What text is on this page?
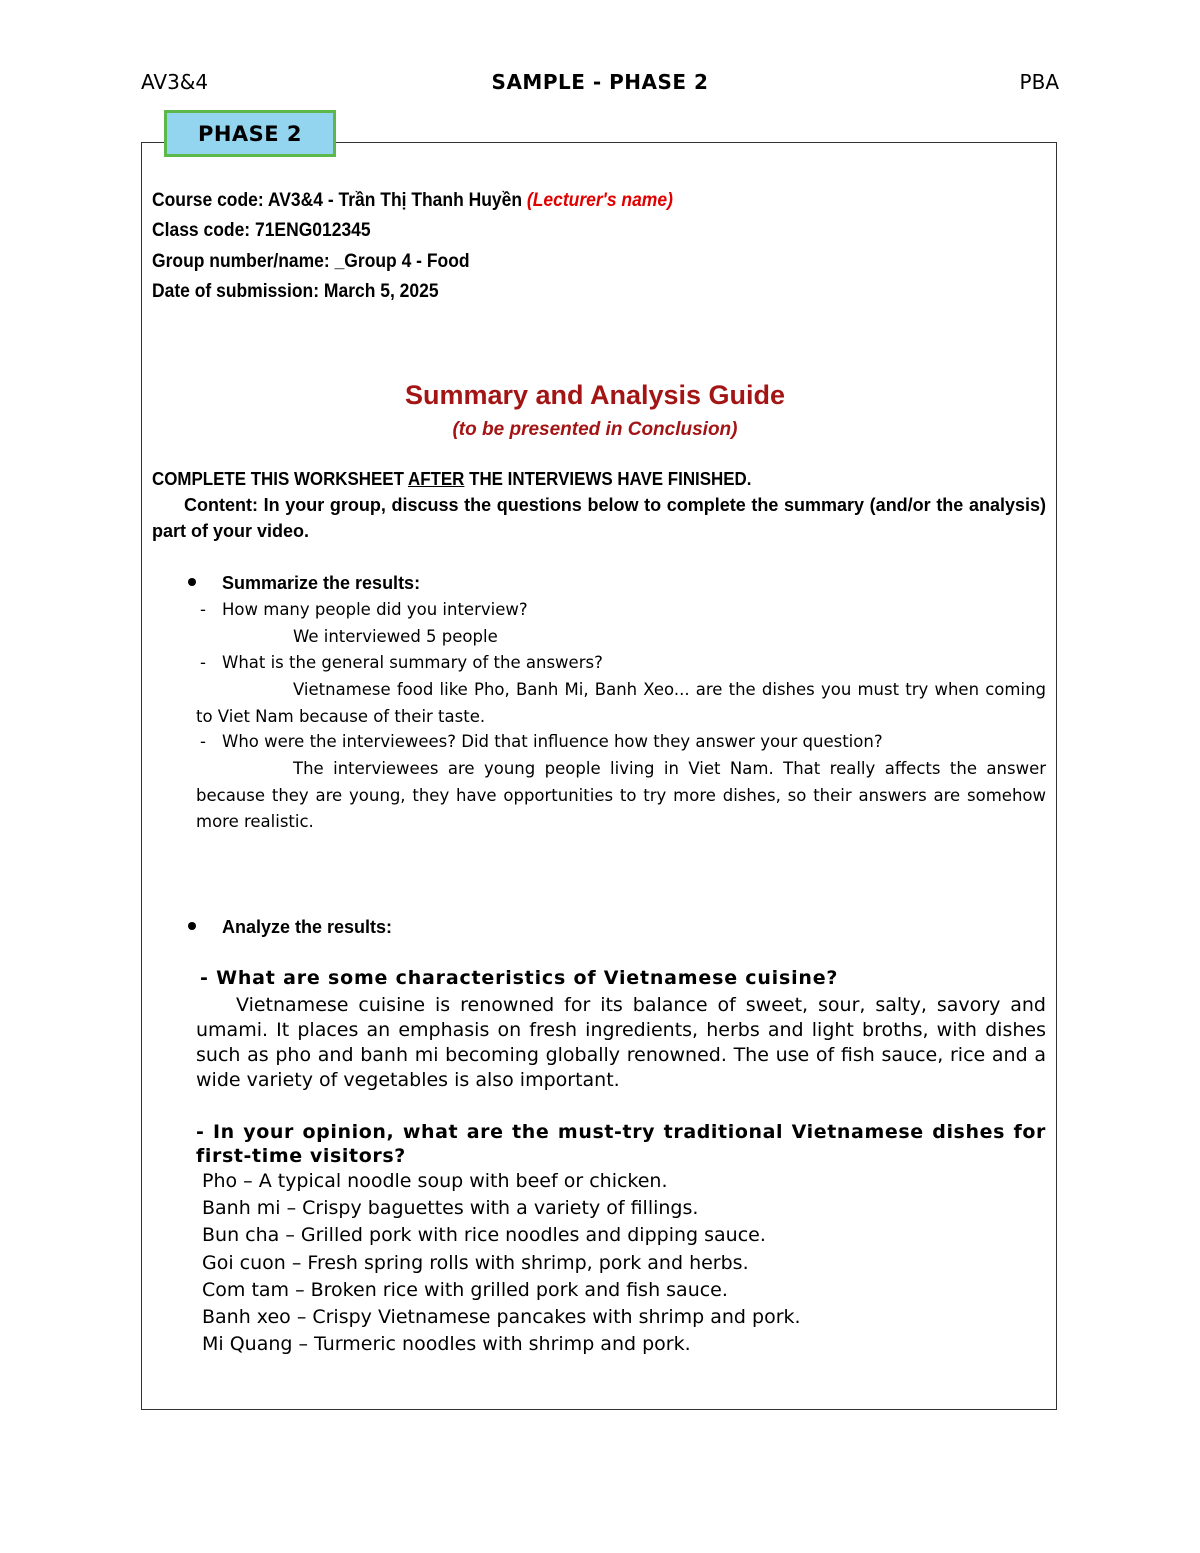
AV3&4	SAMPLE - PHASE 2	PBA
PHASE 2
Course code: AV3&4 - Trần Thị Thanh Huyền (Lecturer's name)
Class code: 71ENG012345
Group number/name: _Group 4 - Food
Date of submission: March 5, 2025
Summary and Analysis Guide
(to be presented in Conclusion)
COMPLETE THIS WORKSHEET AFTER THE INTERVIEWS HAVE FINISHED.
Content: In your group, discuss the questions below to complete the summary (and/or the analysis) part of your video.
Summarize the results:
- How many people did you interview?
We interviewed 5 people
- What is the general summary of the answers?
Vietnamese food like Pho, Banh Mi, Banh Xeo... are the dishes you must try when coming to Viet Nam because of their taste.
- Who were the interviewees? Did that influence how they answer your question?
The interviewees are young people living in Viet Nam. That really affects the answer because they are young, they have opportunities to try more dishes, so their answers are somehow more realistic.
Analyze the results:
- What are some characteristics of Vietnamese cuisine?
Vietnamese cuisine is renowned for its balance of sweet, sour, salty, savory and umami. It places an emphasis on fresh ingredients, herbs and light broths, with dishes such as pho and banh mi becoming globally renowned. The use of fish sauce, rice and a wide variety of vegetables is also important.
- In your opinion, what are the must-try traditional Vietnamese dishes for first-time visitors?
Pho – A typical noodle soup with beef or chicken.
Banh mi – Crispy baguettes with a variety of fillings.
Bun cha – Grilled pork with rice noodles and dipping sauce.
Goi cuon – Fresh spring rolls with shrimp, pork and herbs.
Com tam – Broken rice with grilled pork and fish sauce.
Banh xeo – Crispy Vietnamese pancakes with shrimp and pork.
Mi Quang – Turmeric noodles with shrimp and pork.
